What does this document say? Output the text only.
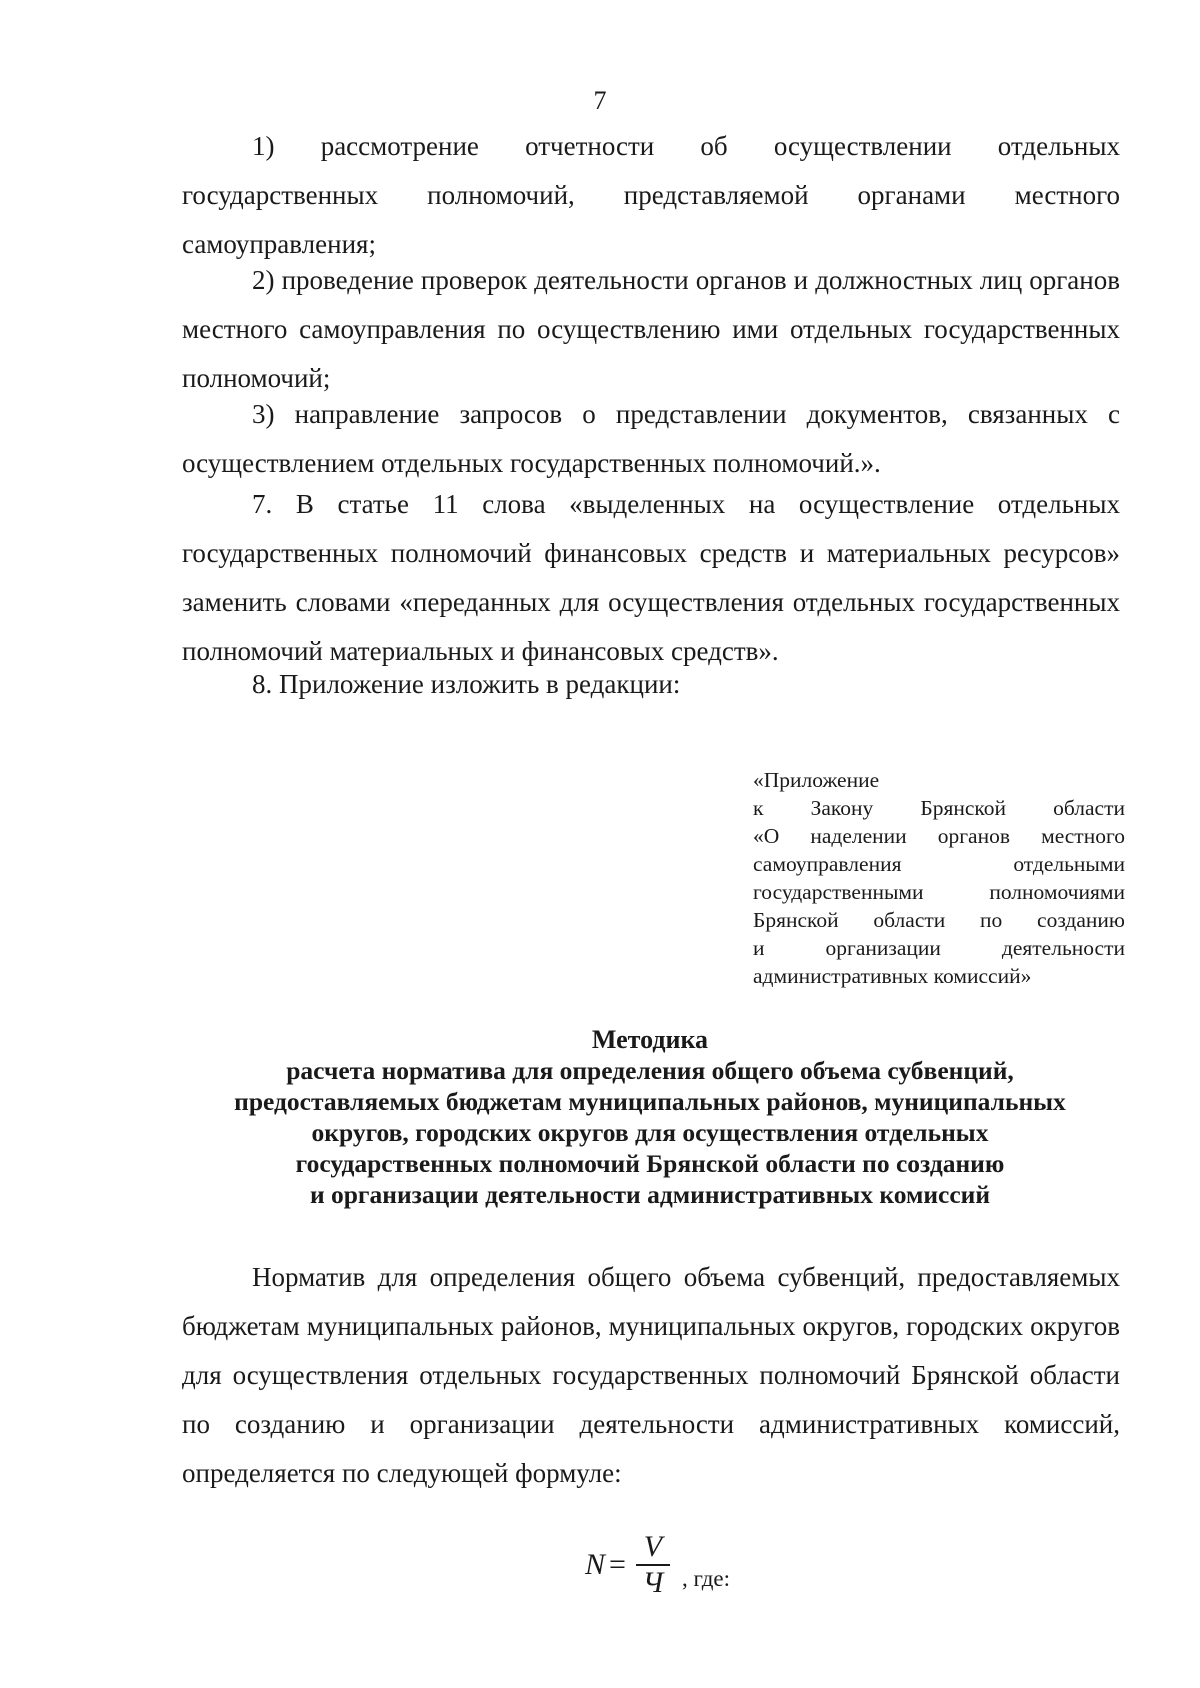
7

1) рассмотрение отчетности об осуществлении отдельных государственных полномочий, представляемой органами местного самоуправления;

2) проведение проверок деятельности органов и должностных лиц органов местного самоуправления по осуществлению ими отдельных государственных полномочий;

3) направление запросов о представлении документов, связанных с осуществлением отдельных государственных полномочий.».

7. В статье 11 слова «выделенных на осуществление отдельных государственных полномочий финансовых средств и материальных ресурсов» заменить словами «переданных для осуществления отдельных государственных полномочий материальных и финансовых средств».

8. Приложение изложить в редакции:

«Приложение
к Закону Брянской области
«О наделении органов местного
самоуправления отдельными
государственными полномочиями
Брянской области по созданию
и организации деятельности
административных комиссий»
Методика
расчета норматива для определения общего объема субвенций,
предоставляемых бюджетам муниципальных районов, муниципальных
округов, городских округов для осуществления отдельных
государственных полномочий Брянской области по созданию
и организации деятельности административных комиссий

Норматив для определения общего объема субвенций, предоставляемых бюджетам муниципальных районов, муниципальных округов, городских округов для осуществления отдельных государственных полномочий Брянской области по созданию и организации деятельности административных комиссий, определяется по следующей формуле:

$N = \frac{V}{Ч}$ , где:
